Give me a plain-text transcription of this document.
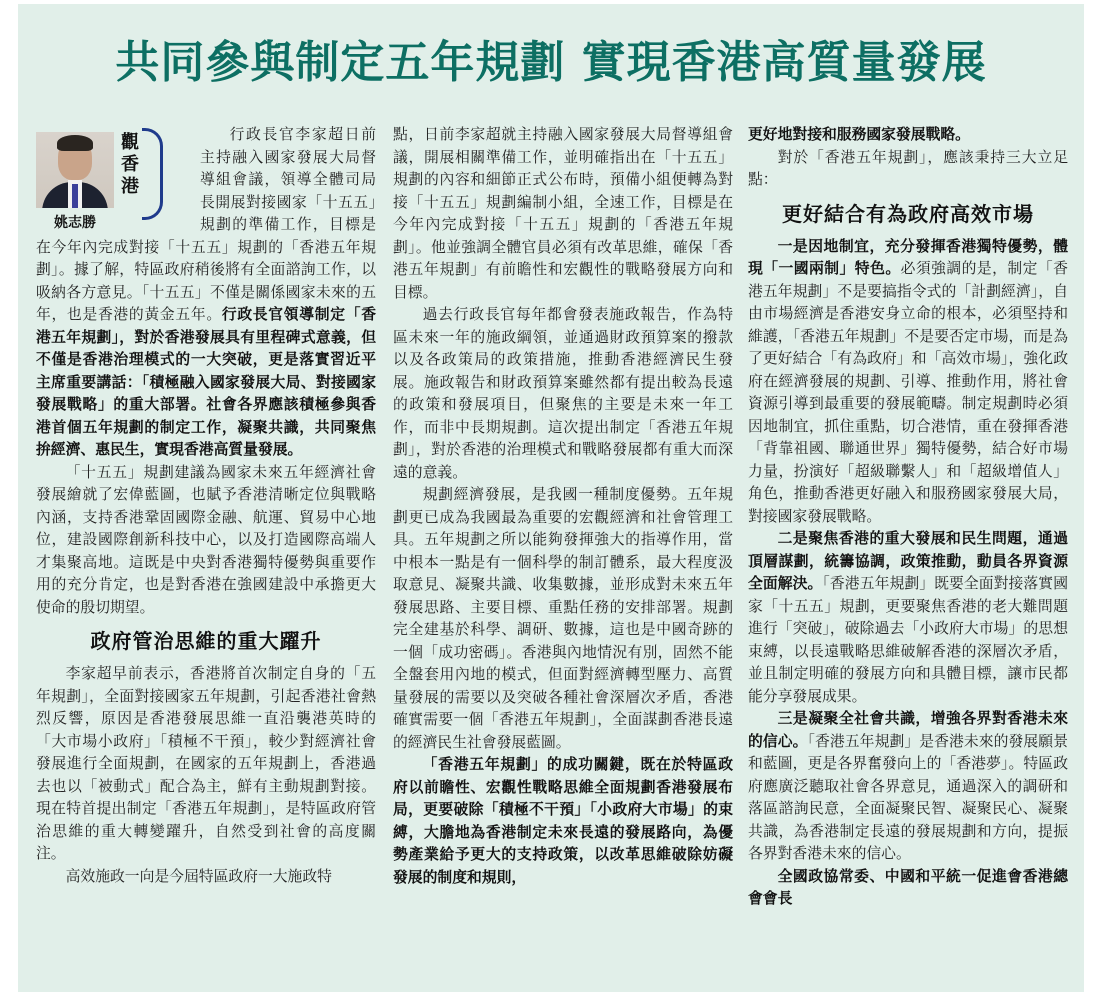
共同參與制定五年規劃 實現香港高質量發展
姚志勝
觀香港

行政長官李家超日前主持融入國家發展大局督導組會議，領導全體司局長開展對接國家「十五五」規劃的準備工作，目標是在今年內完成對接「十五五」規劃的「香港五年規劃」。據了解，特區政府稍後將有全面諮詢工作，以吸納各方意見。「十五五」不僅是關係國家未來的五年，也是香港的黃金五年。行政長官領導制定「香港五年規劃」，對於香港發展具有里程碑式意義，但不僅是香港治理模式的一大突破，更是落實習近平主席重要講話：「積極融入國家發展大局、對接國家發展戰略」的重大部署。社會各界應該積極參與香港首個五年規劃的制定工作，凝聚共識，共同聚焦拚經濟、惠民生，實現香港高質量發展。

「十五五」規劃建議為國家未來五年經濟社會發展繪就了宏偉藍圖，也賦予香港清晰定位與戰略內涵，支持香港鞏固國際金融、航運、貿易中心地位，建設國際創新科技中心，以及打造國際高端人才集聚高地。這既是中央對香港獨特優勢與重要作用的充分肯定，也是對香港在強國建設中承擔更大使命的殷切期望。

政府管治思維的重大躍升

李家超早前表示，香港將首次制定自身的「五年規劃」，全面對接國家五年規劃，引起香港社會熱烈反響，原因是香港發展思維一直沿襲港英時的「大市場小政府」「積極不干預」，較少對經濟社會發展進行全面規劃，在國家的五年規劃上，香港過去也以「被動式」配合為主，鮮有主動規劃對接。現在特首提出制定「香港五年規劃」，是特區政府管治思維的重大轉變躍升，自然受到社會的高度關注。

高效施政一向是今屆特區政府一大施政特

點，日前李家超就主持融入國家發展大局督導組會議，開展相關準備工作，並明確指出在「十五五」規劃的內容和細節正式公布時，預備小組便轉為對接「十五五」規劃編制小組，全速工作，目標是在今年內完成對接「十五五」規劃的「香港五年規劃」。他並強調全體官員必須有改革思維，確保「香港五年規劃」有前瞻性和宏觀性的戰略發展方向和目標。

過去行政長官每年都會發表施政報告，作為特區未來一年的施政綱領，並通過財政預算案的撥款以及各政策局的政策措施，推動香港經濟民生發展。施政報告和財政預算案雖然都有提出較為長遠的政策和發展項目，但聚焦的主要是未來一年工作，而非中長期規劃。這次提出制定「香港五年規劃」，對於香港的治理模式和戰略發展都有重大而深遠的意義。

規劃經濟發展，是我國一種制度優勢。五年規劃更已成為我國最為重要的宏觀經濟和社會管理工具。五年規劃之所以能夠發揮強大的指導作用，當中根本一點是有一個科學的制訂體系，最大程度汲取意見、凝聚共識、收集數據，並形成對未來五年發展思路、主要目標、重點任務的安排部署。規劃完全建基於科學、調研、數據，這也是中國奇跡的一個「成功密碼」。香港與內地情況有別，固然不能全盤套用內地的模式，但面對經濟轉型壓力、高質量發展的需要以及突破各種社會深層次矛盾，香港確實需要一個「香港五年規劃」，全面謀劃香港長遠的經濟民生社會發展藍圖。

「香港五年規劃」的成功關鍵，既在於特區政府以前瞻性、宏觀性戰略思維全面規劃香港發展布局，更要破除「積極不干預」「小政府大市場」的束縛，大膽地為香港制定未來長遠的發展路向，為優勢產業給予更大的支持政策，以改革思維破除妨礙發展的制度和規則，

更好地對接和服務國家發展戰略。

對於「香港五年規劃」，應該秉持三大立足點：

更好結合有為政府高效市場

一是因地制宜，充分發揮香港獨特優勢，體現「一國兩制」特色。必須強調的是，制定「香港五年規劃」不是要搞指令式的「計劃經濟」，自由市場經濟是香港安身立命的根本，必須堅持和維護，「香港五年規劃」不是要否定市場，而是為了更好結合「有為政府」和「高效市場」，強化政府在經濟發展的規劃、引導、推動作用，將社會資源引導到最重要的發展範疇。制定規劃時必須因地制宜，抓住重點，切合港情，重在發揮香港「背靠祖國、聯通世界」獨特優勢，結合好市場力量，扮演好「超級聯繫人」和「超級增值人」角色，推動香港更好融入和服務國家發展大局，對接國家發展戰略。

二是聚焦香港的重大發展和民生問題，通過頂層謀劃，統籌協調，政策推動，動員各界資源全面解決。「香港五年規劃」既要全面對接落實國家「十五五」規劃，更要聚焦香港的老大難問題進行「突破」，破除過去「小政府大市場」的思想束縛，以長遠戰略思維破解香港的深層次矛盾，並且制定明確的發展方向和具體目標，讓市民都能分享發展成果。

三是凝聚全社會共識，增強各界對香港未來的信心。「香港五年規劃」是香港未來的發展願景和藍圖，更是各界奮發向上的「香港夢」。特區政府應廣泛聽取社會各界意見，通過深入的調研和落區諮詢民意，全面凝聚民智、凝聚民心、凝聚共識，為香港制定長遠的發展規劃和方向，提振各界對香港未來的信心。

全國政協常委、中國和平統一促進會香港總會會長
